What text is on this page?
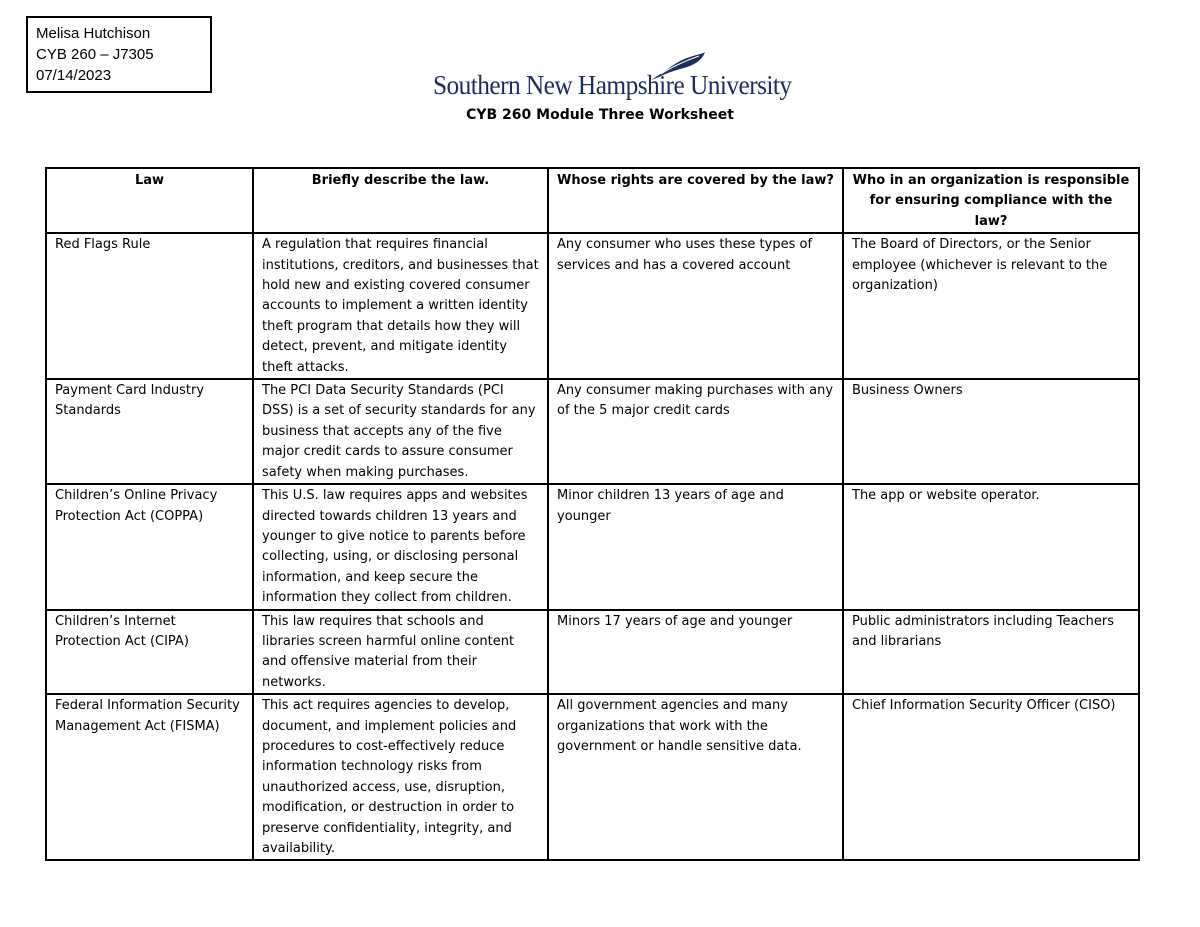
Melisa Hutchison
CYB 260 – J7305
07/14/2023	Southern New Hampshire University
CYB 260 Module Three Worksheet
Law	Briefly describe the law.	Whose rights are covered by the law?	Who in an organization is responsible for ensuring compliance with the law?
Red Flags Rule	A regulation that requires financial institutions, creditors, and businesses that hold new and existing covered consumer accounts to implement a written identity theft program that details how they will detect, prevent, and mitigate identity theft attacks.	Any consumer who uses these types of services and has a covered account	The Board of Directors, or the Senior employee (whichever is relevant to the organization)
Payment Card Industry Standards	The PCI Data Security Standards (PCI DSS) is a set of security standards for any business that accepts any of the five major credit cards to assure consumer safety when making purchases.	Any consumer making purchases with any of the 5 major credit cards	Business Owners
Children’s Online Privacy Protection Act (COPPA)	This U.S. law requires apps and websites directed towards children 13 years and younger to give notice to parents before collecting, using, or disclosing personal information, and keep secure the information they collect from children.	Minor children 13 years of age and younger	The app or website operator.
Children’s Internet Protection Act (CIPA)	This law requires that schools and libraries screen harmful online content and offensive material from their networks.	Minors 17 years of age and younger	Public administrators including Teachers and librarians
Federal Information Security Management Act (FISMA)	This act requires agencies to develop, document, and implement policies and procedures to cost-effectively reduce information technology risks from unauthorized access, use, disruption, modification, or destruction in order to preserve confidentiality, integrity, and availability.	All government agencies and many organizations that work with the government or handle sensitive data.	Chief Information Security Officer (CISO)
